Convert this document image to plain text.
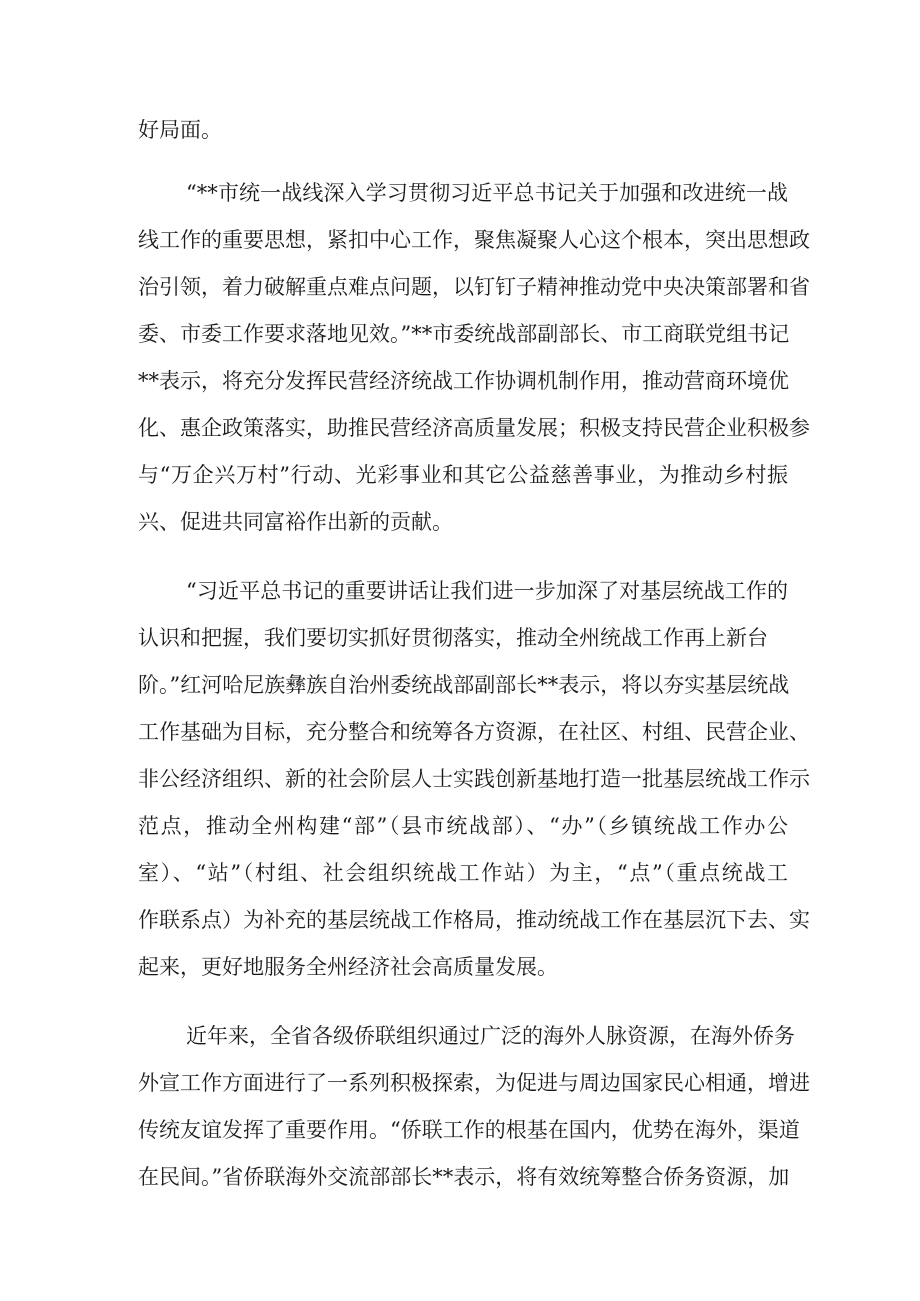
好局面。
“**市统一战线深入学习贯彻习近平总书记关于加强和改进统一战
线工作的重要思想，紧扣中心工作，聚焦凝聚人心这个根本，突出思想政
治引领，着力破解重点难点问题，以钉钉子精神推动党中央决策部署和省
委、市委工作要求落地见效。”**市委统战部副部长、市工商联党组书记
**表示，将充分发挥民营经济统战工作协调机制作用，推动营商环境优
化、惠企政策落实，助推民营经济高质量发展；积极支持民营企业积极参
与“万企兴万村”行动、光彩事业和其它公益慈善事业，为推动乡村振
兴、促进共同富裕作出新的贡献。
“习近平总书记的重要讲话让我们进一步加深了对基层统战工作的
认识和把握，我们要切实抓好贯彻落实，推动全州统战工作再上新台
阶。”红河哈尼族彝族自治州委统战部副部长**表示，将以夯实基层统战
工作基础为目标，充分整合和统筹各方资源，在社区、村组、民营企业、
非公经济组织、新的社会阶层人士实践创新基地打造一批基层统战工作示
范点，推动全州构建“部”（县市统战部）、“办”（乡镇统战工作办公
室）、“站”（村组、社会组织统战工作站）为主，“点”（重点统战工
作联系点）为补充的基层统战工作格局，推动统战工作在基层沉下去、实
起来，更好地服务全州经济社会高质量发展。
近年来，全省各级侨联组织通过广泛的海外人脉资源，在海外侨务
外宣工作方面进行了一系列积极探索，为促进与周边国家民心相通，增进
传统友谊发挥了重要作用。“侨联工作的根基在国内，优势在海外，渠道
在民间。”省侨联海外交流部部长**表示，将有效统筹整合侨务资源，加
